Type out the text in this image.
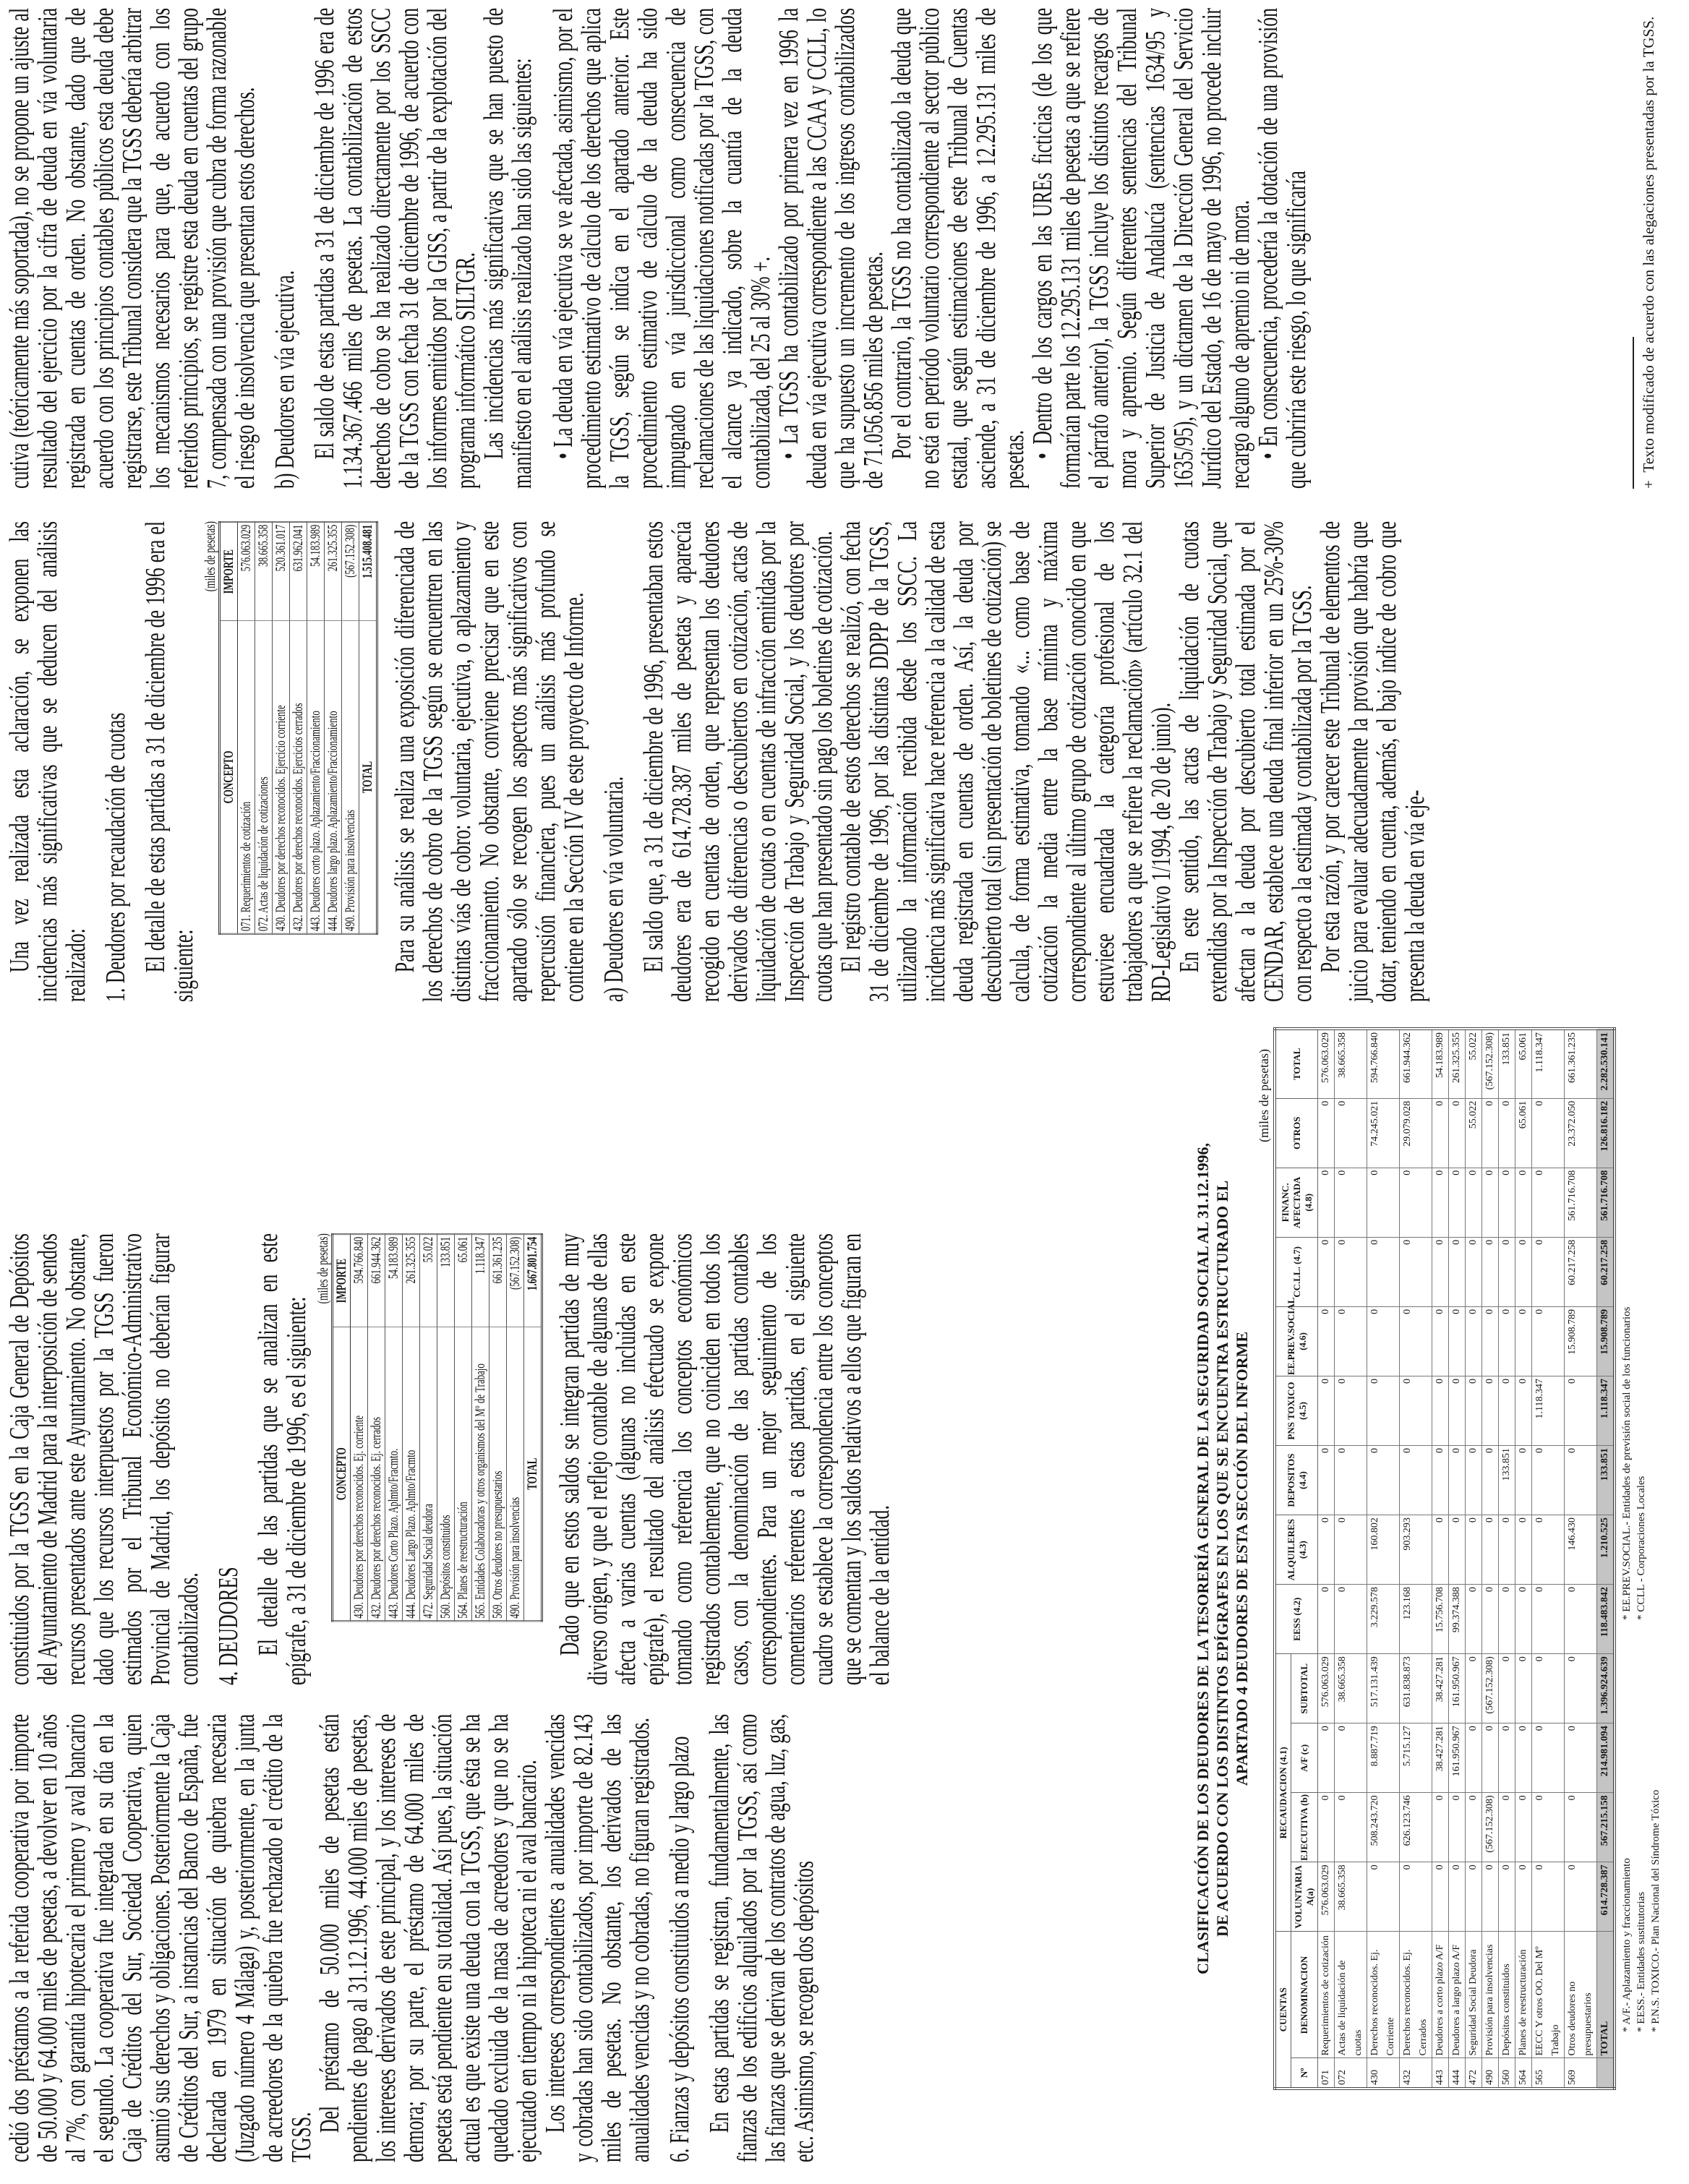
cedió dos préstamos a la referida cooperativa por importe de 50.000 y 64.000 miles de pesetas, a devolver en 10 años al 7%, con garantía hipotecaria el primero y aval bancario el segundo. La cooperativa fue integrada en su día en la Caja de Créditos del Sur, Sociedad Cooperativa, quien asumió sus derechos y obligaciones. Posteriormente la Caja de Créditos del Sur, a instancias del Banco de España, fue declarada en 1979 en situación de quiebra necesaria (Juzgado número 4 Málaga) y, posteriormente, en la junta de acreedores de la quiebra fue rechazado el crédito de la TGSS.

Del préstamo de 50.000 miles de pesetas están pendientes de pago al 31.12.1996, 44.000 miles de pesetas, los intereses derivados de este principal, y los intereses de demora; por su parte, el préstamo de 64.000 miles de pesetas está pendiente en su totalidad. Así pues, la situación actual es que existe una deuda con la TGSS, que ésta se ha quedado excluida de la masa de acreedores y que no se ha ejecutado en tiempo ni la hipoteca ni el aval bancario.

Los intereses correspondientes a anualidades vencidas y cobradas han sido contabilizados, por importe de 82.143 miles de pesetas. No obstante, los derivados de las anualidades vencidas y no cobradas, no figuran registrados. 6. Fianzas y depósitos constituidos a medio y largo plazo En estas partidas se registran, fundamentalmente, las fianzas de los edificios alquilados por la TGSS, así como las fianzas que se derivan de los contratos de agua, luz, gas, etc. Asimismo, se recogen dos depósitos

constituidos por la TGSS en la Caja General de Depósitos del Ayuntamiento de Madrid para la interposición de sendos recursos presentados ante este Ayuntamiento. No obstante, dado que los recursos interpuestos por la TGSS fueron estimados por el Tribunal Económico-Administrativo Provincial de Madrid, los depósitos no deberían figurar contabilizados. 4. DEUDORES El detalle de las partidas que se analizan en este epígrafe, a 31 de diciembre de 1996, es el siguiente:

(miles de pesetas)
CONCEPTO	IMPORTE
430. Deudores por derechos reconocidos. Ej. corriente	594.766.840
432. Deudores por derechos reconocidos. Ej. cerrados	661.944.362
443. Deudores Corto Plazo. Aplmto/Fracmto.	54.183.989
444. Deudores Largo Plazo. Aplmto/Fracmto	261.325.355
472. Seguridad Social deudora	55.022
560. Depósitos constituidos	133.851
564. Planes de reestructuración	65.061
565. Entidades Colaboradoras y otros organismos del Mº de Trabajo	1.118.347
569. Otros deudores no presupuestarios	661.361.235
490. Provisión para insolvencias	(567.152.308)
TOTAL	1.667.801.754 Dado que en estos saldos se integran partidas de muy diverso origen, y que el reflejo contable de algunas de ellas afecta a varias cuentas (algunas no incluidas en este epígrafe), el resultado del análisis efectuado se expone tomando como referencia los conceptos económicos registrados contablemente, que no coinciden en todos los casos, con la denominación de las partidas contables correspondientes. Para un mejor seguimiento de los comentarios referentes a estas partidas, en el siguiente cuadro se establece la correspondencia entre los conceptos que se comentan y los saldos relativos a ellos que figuran en el balance de la entidad.

Una vez realizada esta aclaración, se exponen las incidencias más significativas que se deducen del análisis realizado: 1. Deudores por recaudación de cuotas El detalle de estas partidas a 31 de diciembre de 1996 era el siguiente:

(miles de pesetas)
CONCEPTO	IMPORTE
071. Requerimientos de cotización	576.063.029
072. Actas de liquidación de cotizaciones	38.665.358
430. Deudores por derechos reconocidos. Ejercicio corriente	520.361.017
432. Deudores por derechos reconocidos. Ejercicios cerrados	631.962.041
443. Deudores corto plazo. Aplazamiento/Fraccionamiento	54.183.989
444. Deudores largo plazo. Aplazamiento/Fraccionamiento	261.325.355
490. Provisión para insolvencias	(567.152.308)
TOTAL	1.515.408.481 Para su análisis se realiza una exposición diferenciada de los derechos de cobro de la TGSS según se encuentren en las distintas vías de cobro: voluntaria, ejecutiva, o aplazamiento y fraccionamiento. No obstante, conviene precisar que en este apartado sólo se recogen los aspectos más significativos con repercusión financiera, pues un análisis más profundo se contiene en la Sección IV de este proyecto de Informe. a) Deudores en vía voluntaria. El saldo que, a 31 de diciembre de 1996, presentaban estos deudores era de 614.728.387 miles de pesetas y aparecía recogido en cuentas de orden, que representan los deudores derivados de diferencias o descubiertos en cotización, actas de liquidación de cuotas o en cuentas de infracción emitidas por la Inspección de Trabajo y Seguridad Social, y los deudores por cuotas que han presentado sin pago los boletines de cotización.

El registro contable de estos derechos se realizó, con fecha 31 de diciembre de 1996, por las distintas DDPP de la TGSS, utilizando la información recibida desde los SSCC. La incidencia más significativa hace referencia a la calidad de esta deuda registrada en cuentas de orden. Así, la deuda por descubierto total (sin presentación de boletines de cotización) se calcula, de forma estimativa, tomando «... como base de cotización la media entre la base mínima y máxima correspondiente al último grupo de cotización conocido en que estuviese encuadrada la categoría profesional de los trabajadores a que se refiere la reclamación» (artículo 32.1 del RD-Legislativo 1/1994, de 20 de junio).

En este sentido, las actas de liquidación de cuotas extendidas por la Inspección de Trabajo y Seguridad Social, que afectan a la deuda por descubierto total estimada por el CENDAR, establece una deuda final inferior en un 25%-30% con respecto a la estimada y contabilizada por la TGSS.

Por esta razón, y por carecer este Tribunal de elementos de juicio para evaluar adecuadamente la provisión que habría que dotar, teniendo en cuenta, además, el bajo índice de cobro que presenta la deuda en vía eje-

cutiva (teóricamente más soportada), no se propone un ajuste al resultado del ejercicio por la cifra de deuda en vía voluntaria registrada en cuentas de orden. No obstante, dado que de acuerdo con los principios contables públicos esta deuda debe registrarse, este Tribunal considera que la TGSS debería arbitrar los mecanismos necesarios para que, de acuerdo con los referidos principios, se registre esta deuda en cuentas del grupo 7, compensada con una provisión que cubra de forma razonable el riesgo de insolvencia que presentan estos derechos. b) Deudores en vía ejecutiva. El saldo de estas partidas a 31 de diciembre de 1996 era de 1.134.367.466 miles de pesetas. La contabilización de estos derechos de cobro se ha realizado directamente por los SSCC de la TGSS con fecha 31 de diciembre de 1996, de acuerdo con los informes emitidos por la GISS, a partir de la explotación del programa informático SILTGR.

Las incidencias más significativas que se han puesto de manifiesto en el análisis realizado han sido las siguientes: • La deuda en vía ejecutiva se ve afectada, asimismo, por el procedimiento estimativo de cálculo de los derechos que aplica la TGSS, según se indica en el apartado anterior. Este procedimiento estimativo de cálculo de la deuda ha sido impugnado en vía jurisdiccional como consecuencia de reclamaciones de las liquidaciones notificadas por la TGSS, con el alcance ya indicado, sobre la cuantía de la deuda contabilizada, del 25 al 30% +.

• La TGSS ha contabilizado por primera vez en 1996 la deuda en vía ejecutiva correspondiente a las CCAA y CCLL, lo que ha supuesto un incremento de los ingresos contabilizados de 71.056.856 miles de pesetas.

Por el contrario, la TGSS no ha contabilizado la deuda que no está en período voluntario correspondiente al sector público estatal, que según estimaciones de este Tribunal de Cuentas asciende, a 31 de diciembre de 1996, a 12.295.131 miles de pesetas.

• Dentro de los cargos en las UREs ficticias (de los que formarían parte los 12.295.131 miles de pesetas a que se refiere el párrafo anterior), la TGSS incluye los distintos recargos de mora y apremio. Según diferentes sentencias del Tribunal Superior de Justicia de Andalucía (sentencias 1634/95 y 1635/95), y un dictamen de la Dirección General del Servicio Jurídico del Estado, de 16 de mayo de 1996, no procede incluir recargo alguno de apremio ni de mora.

• En consecuencia, procedería la dotación de una provisión que cubriría este riesgo, lo que significaría

CLASIFICACIÓN DE LOS DEUDORES DE LA TESORERÍA GENERAL DE LA SEGURIDAD SOCIAL AL 31.12.1996, DE ACUERDO CON LOS DISTINTOS EPÍGRAFES EN LOS QUE SE ENCUENTRA ESTRUCTURADO EL APARTADO 4 DEUDORES DE ESTA SECCIÓN DEL INFORME
(miles de pesetas)
CUENTAS		RECAUDACION (4.1)				EESS (4.2)	ALQUILERES (4.3)	DEPOSITOS (4.4)	PNS TOXICO (4.5)	EE.PREV.SOCIAL (4.6)	CC.LL. (4.7)	FINANC. AFECTADA (4.8)	OTROS	TOTAL
Nº	DENOMINACION	VOLUNTARIA A(a)	EJECUTIVA (b)	A/F (c)	SUBTOTAL									
071	Requerimientos de cotización	576.063.029	0	0	576.063.029	0	0	0	0	0	0	0	0	576.063.029
072	Actas de liquidación de cuotas	38.665.358	0	0	38.665.358	0	0	0	0	0	0	0	0	38.665.358
430	Derechos reconocidos. Ej. Corriente	0	508.243.720	8.887.719	517.131.439	3.229.578	160.802	0	0	0	0	0	74.245.021	594.766.840
432	Derechos reconocidos. Ej. Cerrados	0	626.123.746	5.715.127	631.838.873	123.168	903.293	0	0	0	0	0	29.079.028	661.944.362
443	Deudores a corto plazo A/F	0	0	38.427.281	38.427.281	15.756.708	0	0	0	0	0	0	0	54.183.989
444	Deudores a largo plazo A/F	0	0	161.950.967	161.950.967	99.374.388	0	0	0	0	0	0	0	261.325.355
472	Seguridad Social Deudora	0	0	0	0	0	0	0	0	0	0	0	55.022	55.022
490	Provisión para insolvencias	0	(567.152.308)	0	(567.152.308)	0	0	0	0	0	0	0	0	(567.152.308)
560	Depósitos constituidos	0	0	0	0	0	0	133.851	0	0	0	0	0	133.851
564	Planes de reestructuración	0	0	0	0	0	0	0	0	0	0	0	65.061	65.061
565	EECC Y otros OO. Del Mº Trabajo	0	0	0	0	0	0	0	1.118.347	0	0	0	0	1.118.347
569	Otros deudores no presupuestarios	0	0	0	0	0	146.430	0	0	15.908.789	60.217.258	561.716.708	23.372.050	661.361.235
	TOTAL	614.728.387	567.215.158	214.981.094	1.396.924.639	118.483.842	1.210.525	133.851	1.118.347	15.908.789	60.217.258	561.716.708	126.816.182	2.282.530.141
* A/F.- Aplazamiento y fraccionamiento * EESS.- Entidades sustitutorias * P.N.S. TOXICO.- Plan Nacional del Síndrome Tóxico
* EE.PREV.SOCIAL.- Entidades de previsión social de los funcionarios * CCLL - Corporaciones Locales
+  Texto modificado de acuerdo con las alegaciones presentadas por la TGSS.
